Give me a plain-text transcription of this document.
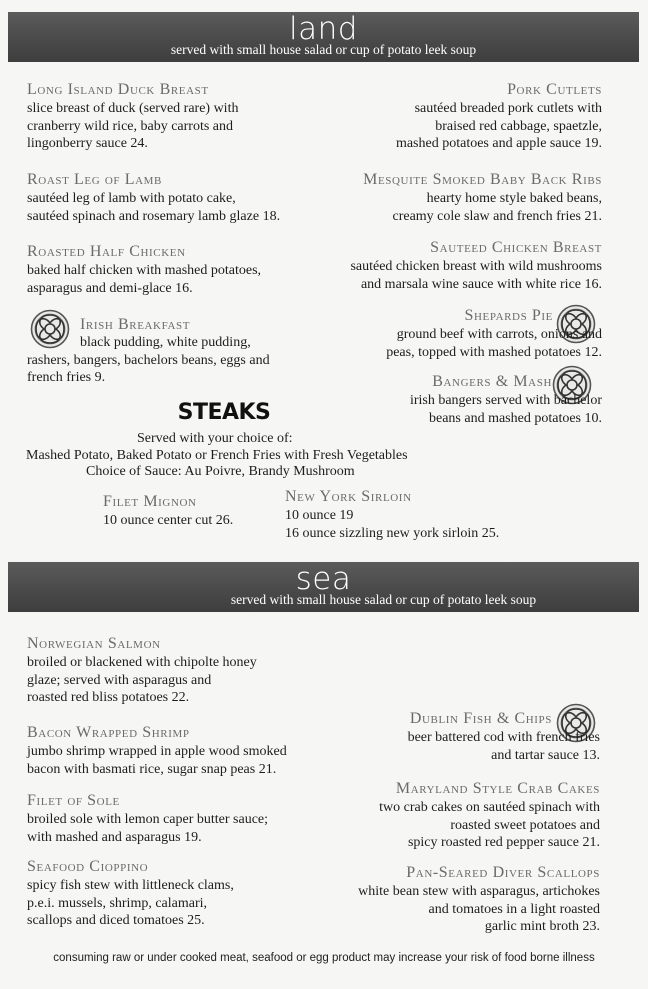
land
served with small house salad or cup of potato leek soup
Long Island Duck Breast
slice breast of duck (served rare) with
cranberry wild rice, baby carrots and
lingonberry sauce 24.
Pork Cutlets
sautéed breaded pork cutlets with
braised red cabbage, spaetzle,
mashed potatoes and apple sauce 19.
Roast Leg of Lamb
sautéed leg of lamb with potato cake,
sautéed spinach and rosemary lamb glaze 18.
Mesquite Smoked Baby Back Ribs
hearty home style baked beans,
creamy cole slaw and french fries 21.
Roasted Half Chicken
baked half chicken with mashed potatoes,
asparagus and demi-glace 16.
Sauteed Chicken Breast
sautéed chicken breast with wild mushrooms
and marsala wine sauce with white rice 16.
Irish Breakfast
black pudding, white pudding,
rashers, bangers, bachelors beans, eggs and
french fries 9.
Shepards Pie
ground beef with carrots, onions and
peas, topped with mashed potatoes 12.
Bangers & Mash
irish bangers served with bachelor
beans and mashed potatoes 10.
STEAKS
Served with your choice of:
Mashed Potato, Baked Potato or French Fries with Fresh Vegetables
Choice of Sauce: Au Poivre, Brandy Mushroom
Filet Mignon
10 ounce center cut 26.
New York Sirloin
10 ounce 19
16 ounce sizzling new york sirloin 25.
sea
served with small house salad or cup of potato leek soup
Norwegian Salmon
broiled or blackened with chipolte honey
glaze; served with asparagus and
roasted red bliss potatoes 22.
Bacon Wrapped Shrimp
jumbo shrimp wrapped in apple wood smoked
bacon with basmati rice, sugar snap peas 21.
Dublin Fish & Chips
beer battered cod with french fries
and tartar sauce 13.
Filet of Sole
broiled sole with lemon caper butter sauce;
with mashed and asparagus 19.
Maryland Style Crab Cakes
two crab cakes on sautéed spinach with
roasted sweet potatoes and
spicy roasted red pepper sauce 21.
Seafood Cioppino
spicy fish stew with littleneck clams,
p.e.i. mussels, shrimp, calamari,
scallops and diced tomatoes 25.
Pan-Seared Diver Scallops
white bean stew with asparagus, artichokes
and tomatoes in a light roasted
garlic mint broth 23.
consuming raw or under cooked meat, seafood or egg product may increase your risk of food borne illness
